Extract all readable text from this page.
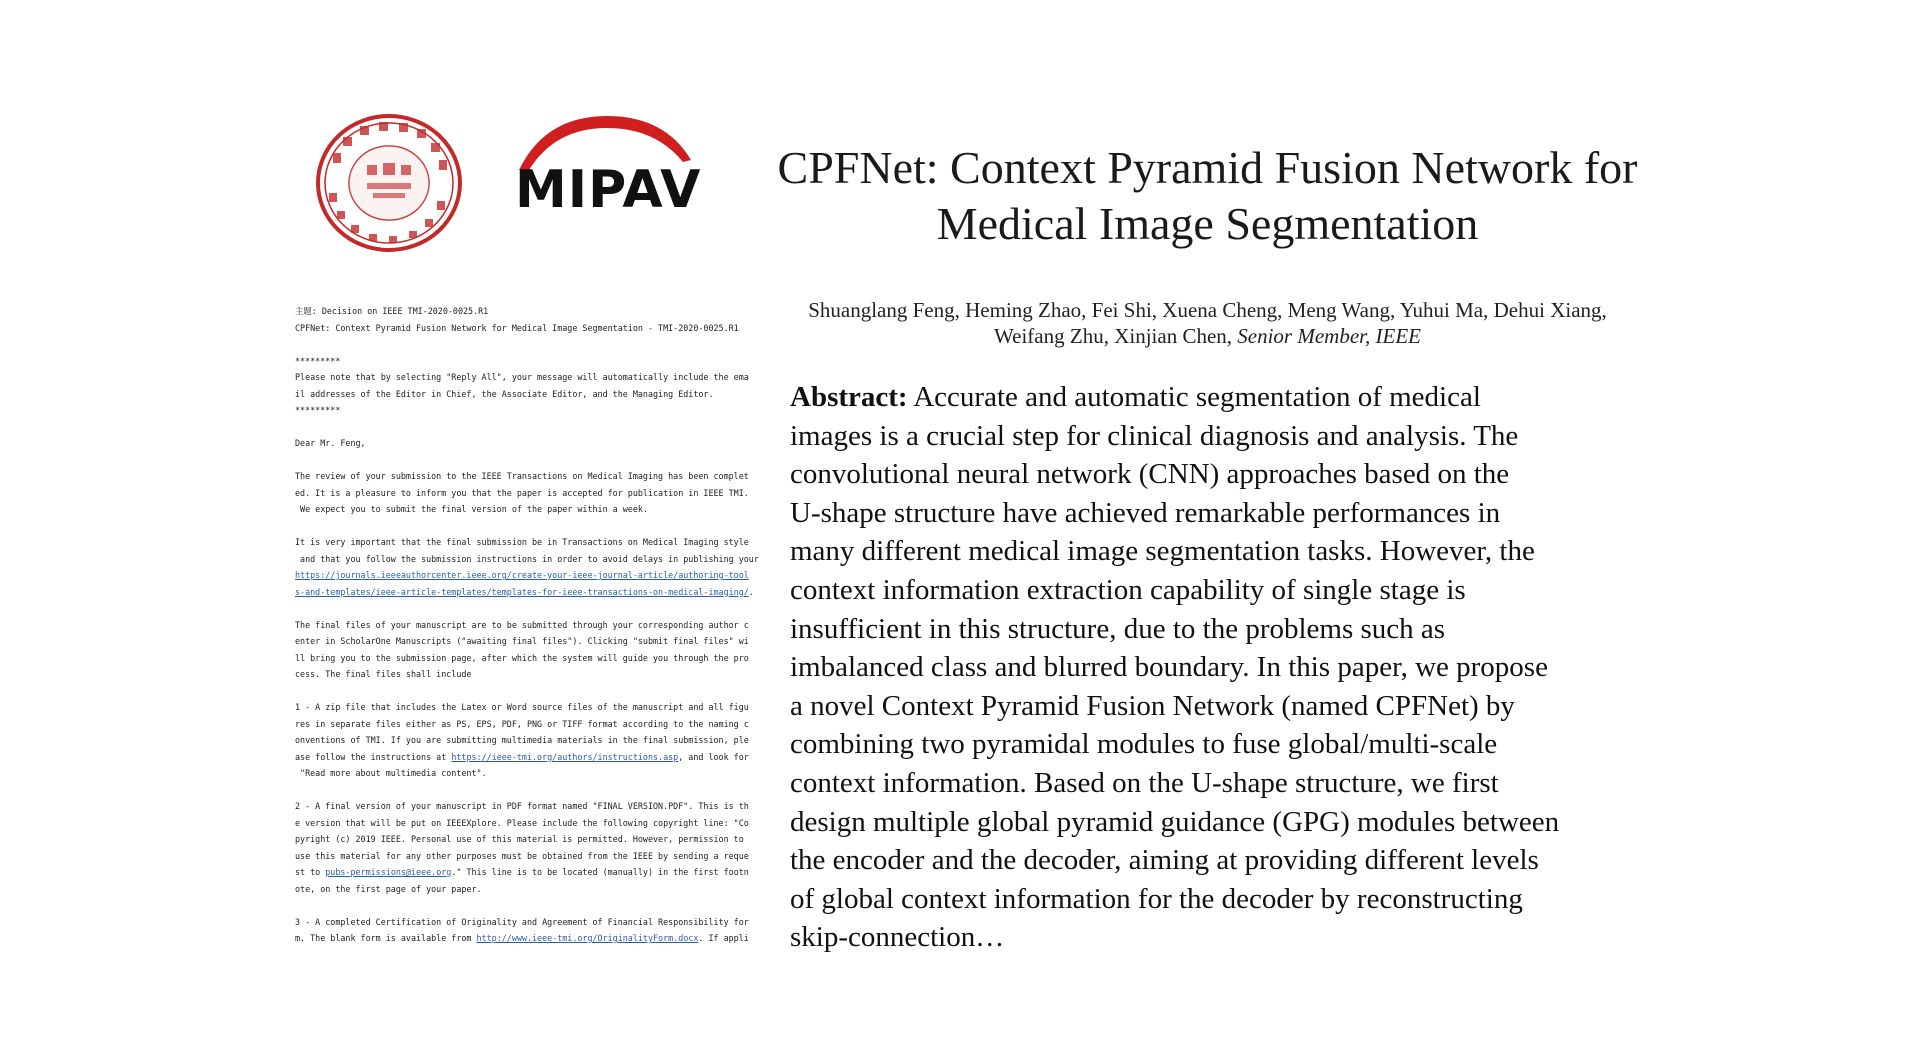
MIPAV	CPFNet: Context Pyramid Fusion Network for
Medical Image Segmentation
Shuanglang Feng, Heming Zhao, Fei Shi, Xuena Cheng, Meng Wang, Yuhui Ma, Dehui Xiang,
Weifang Zhu, Xinjian Chen, Senior Member, IEEE
Abstract: Accurate and automatic segmentation of medical
images is a crucial step for clinical diagnosis and analysis. The
convolutional neural network (CNN) approaches based on the
U-shape structure have achieved remarkable performances in
many different medical image segmentation tasks. However, the
context information extraction capability of single stage is
insufficient in this structure, due to the problems such as
imbalanced class and blurred boundary. In this paper, we propose
a novel Context Pyramid Fusion Network (named CPFNet) by
combining two pyramidal modules to fuse global/multi-scale
context information. Based on the U-shape structure, we first
design multiple global pyramid guidance (GPG) modules between
the encoder and the decoder, aiming at providing different levels
of global context information for the decoder by reconstructing
skip-connection…
主题: Decision on IEEE TMI-2020-0025.R1
CPFNet: Context Pyramid Fusion Network for Medical Image Segmentation - TMI-2020-0025.R1
*********
Please note that by selecting "Reply All", your message will automatically include the ema
il addresses of the Editor in Chief, the Associate Editor, and the Managing Editor.
*********
Dear Mr. Feng,
The review of your submission to the IEEE Transactions on Medical Imaging has been complet
ed. It is a pleasure to inform you that the paper is accepted for publication in IEEE TMI.
We expect you to submit the final version of the paper within a week.
It is very important that the final submission be in Transactions on Medical Imaging style
and that you follow the submission instructions in order to avoid delays in publishing your
https://journals.ieeeauthorcenter.ieee.org/create-your-ieee-journal-article/authoring-tool
s-and-templates/ieee-article-templates/templates-for-ieee-transactions-on-medical-imaging/.
The final files of your manuscript are to be submitted through your corresponding author c
enter in ScholarOne Manuscripts ("awaiting final files"). Clicking "submit final files" wi
ll bring you to the submission page, after which the system will guide you through the pro
cess. The final files shall include
1 - A zip file that includes the Latex or Word source files of the manuscript and all figu
res in separate files either as PS, EPS, PDF, PNG or TIFF format according to the naming c
onventions of TMI. If you are submitting multimedia materials in the final submission, ple
ase follow the instructions at https://ieee-tmi.org/authors/instructions.asp, and look for
"Read more about multimedia content".
2 - A final version of your manuscript in PDF format named "FINAL VERSION.PDF". This is th
e version that will be put on IEEEXplore. Please include the following copyright line: "Co
pyright (c) 2019 IEEE. Personal use of this material is permitted. However, permission to
use this material for any other purposes must be obtained from the IEEE by sending a reque
st to pubs-permissions@ieee.org." This line is to be located (manually) in the first footn
ote, on the first page of your paper.
3 - A completed Certification of Originality and Agreement of Financial Responsibility for
m. The blank form is available from http://www.ieee-tmi.org/OriginalityForm.docx. If appli
